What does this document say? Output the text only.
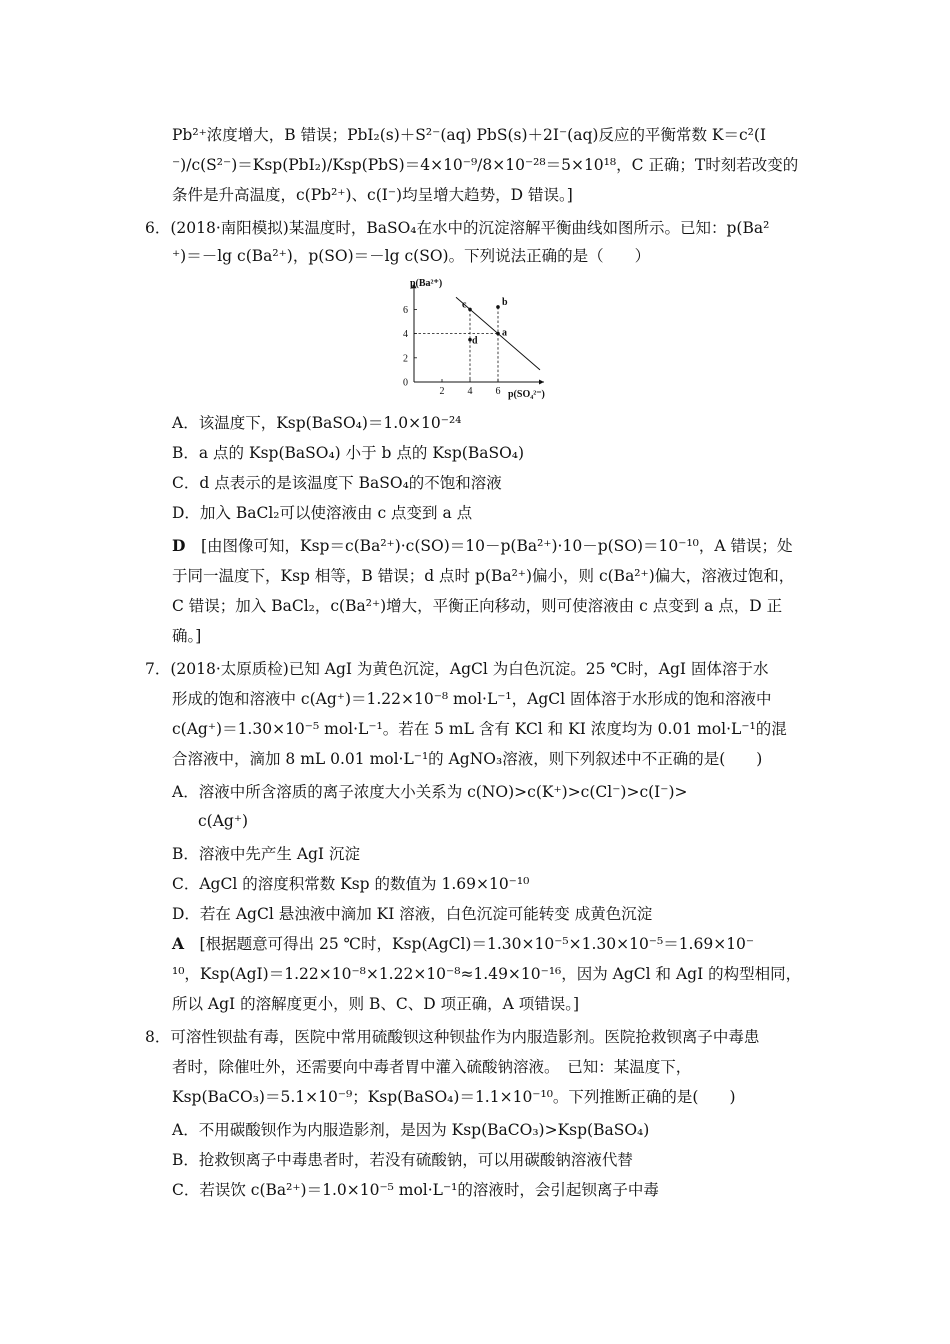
Pb²⁺浓度增大，B 错误；PbI₂(s)＋S²⁻(aq) PbS(s)＋2I⁻(aq)反应的平衡常数 K＝c²(I
⁻)/c(S²⁻)＝Ksp(PbI₂)/Ksp(PbS)＝4×10⁻⁹/8×10⁻²⁸＝5×10¹⁸，C 正确；T时刻若改变的
条件是升高温度，c(Pb²⁺)、c(I⁻)均呈增大趋势，D 错误。]
6．(2018·南阳模拟)某温度时，BaSO₄在水中的沉淀溶解平衡曲线如图所示。已知：p(Ba²
⁺)＝－lg c(Ba²⁺)，p(SO)＝－lg c(SO)。下列说法正确的是（　　）
2 4 6
0
2
4
6
a
b
c
d
p(Ba²⁺)
p(SO₄²⁻)
A．该温度下，Ksp(BaSO₄)＝1.0×10⁻²⁴
B．a 点的 Ksp(BaSO₄) 小于 b 点的 Ksp(BaSO₄)
C．d 点表示的是该温度下 BaSO₄的不饱和溶液
D．加入 BaCl₂可以使溶液由 c 点变到 a 点
D　[由图像可知，Ksp＝c(Ba²⁺)·c(SO)＝10－p(Ba²⁺)·10－p(SO)＝10⁻¹⁰，A 错误；处
于同一温度下，Ksp 相等，B 错误；d 点时 p(Ba²⁺)偏小，则 c(Ba²⁺)偏大，溶液过饱和，
C 错误；加入 BaCl₂，c(Ba²⁺)增大，平衡正向移动，则可使溶液由 c 点变到 a 点，D 正
确。]
7．(2018·太原质检)已知 AgI 为黄色沉淀，AgCl 为白色沉淀。25 ℃时，AgI 固体溶于水
形成的饱和溶液中 c(Ag⁺)＝1.22×10⁻⁸ mol·L⁻¹，AgCl 固体溶于水形成的饱和溶液中
c(Ag⁺)＝1.30×10⁻⁵ mol·L⁻¹。若在 5 mL 含有 KCl 和 KI 浓度均为 0.01 mol·L⁻¹的混
合溶液中，滴加 8 mL 0.01 mol·L⁻¹的 AgNO₃溶液，则下列叙述中不正确的是(　　)
A．溶液中所含溶质的离子浓度大小关系为 c(NO)>c(K⁺)>c(Cl⁻)>c(I⁻)>
c(Ag⁺)
B．溶液中先产生 AgI 沉淀
C．AgCl 的溶度积常数 Ksp 的数值为 1.69×10⁻¹⁰
D．若在 AgCl 悬浊液中滴加 KI 溶液，白色沉淀可能转变 成黄色沉淀
A　[根据题意可得出 25 ℃时，Ksp(AgCl)＝1.30×10⁻⁵×1.30×10⁻⁵＝1.69×10⁻
¹⁰，Ksp(AgI)＝1.22×10⁻⁸×1.22×10⁻⁸≈1.49×10⁻¹⁶，因为 AgCl 和 AgI 的构型相同，
所以 AgI 的溶解度更小，则 B、C、D 项正确，A 项错误。]
8．可溶性钡盐有毒，医院中常用硫酸钡这种钡盐作为内服造影剂。医院抢救钡离子中毒患
者时，除催吐外，还需要向中毒者胃中灌入硫酸钠溶液。　已知：某温度下，
Ksp(BaCO₃)＝5.1×10⁻⁹；Ksp(BaSO₄)＝1.1×10⁻¹⁰。下列推断正确的是(　　)
A．不用碳酸钡作为内服造影剂，是因为 Ksp(BaCO₃)>Ksp(BaSO₄)
B．抢救钡离子中毒患者时，若没有硫酸钠，可以用碳酸钠溶液代替
C．若误饮 c(Ba²⁺)＝1.0×10⁻⁵ mol·L⁻¹的溶液时，会引起钡离子中毒
